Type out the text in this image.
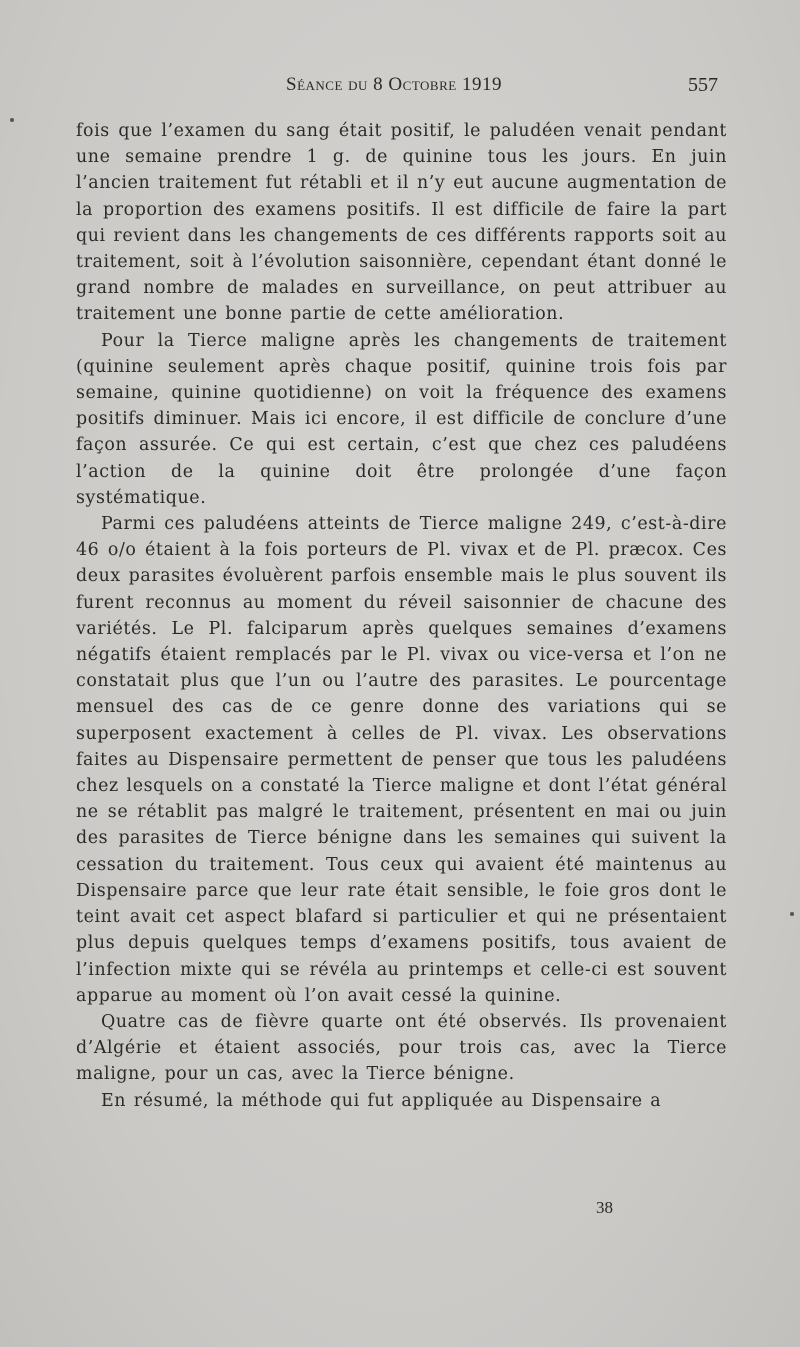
Séance du 8 Octobre 1919	557

fois que l’examen du sang était positif, le paludéen venait pendant une semaine prendre 1 g. de quinine tous les jours. En juin l’ancien traitement fut rétabli et il n’y eut aucune augmentation de la proportion des examens positifs. Il est difficile de faire la part qui revient dans les changements de ces différents rapports soit au traitement, soit à l’évolution saisonnière, cependant étant donné le grand nombre de malades en surveillance, on peut attribuer au traitement une bonne partie de cette amélioration.

Pour la Tierce maligne après les changements de traitement (quinine seulement après chaque positif, quinine trois fois par semaine, quinine quotidienne) on voit la fréquence des examens positifs diminuer. Mais ici encore, il est difficile de conclure d’une façon assurée. Ce qui est certain, c’est que chez ces paludéens l’action de la quinine doit être prolongée d’une façon systématique.

Parmi ces paludéens atteints de Tierce maligne 249, c’est-à-dire 46 o/o étaient à la fois porteurs de Pl. vivax et de Pl. præcox. Ces deux parasites évoluèrent parfois ensemble mais le plus souvent ils furent reconnus au moment du réveil saisonnier de chacune des variétés. Le Pl. falciparum après quelques semaines d’examens négatifs étaient remplacés par le Pl. vivax ou vice-versa et l’on ne constatait plus que l’un ou l’autre des parasites. Le pourcentage mensuel des cas de ce genre donne des variations qui se superposent exactement à celles de Pl. vivax. Les observations faites au Dispensaire permettent de penser que tous les paludéens chez lesquels on a constaté la Tierce maligne et dont l’état général ne se rétablit pas malgré le traitement, présentent en mai ou juin des parasites de Tierce bénigne dans les semaines qui suivent la cessation du traitement. Tous ceux qui avaient été maintenus au Dispensaire parce que leur rate était sensible, le foie gros dont le teint avait cet aspect blafard si particulier et qui ne présentaient plus depuis quelques temps d’examens positifs, tous avaient de l’infection mixte qui se révéla au printemps et celle-ci est souvent apparue au moment où l’on avait cessé la quinine.

Quatre cas de fièvre quarte ont été observés. Ils provenaient d’Algérie et étaient associés, pour trois cas, avec la Tierce maligne, pour un cas, avec la Tierce bénigne.

En résumé, la méthode qui fut appliquée au Dispensaire a

38
